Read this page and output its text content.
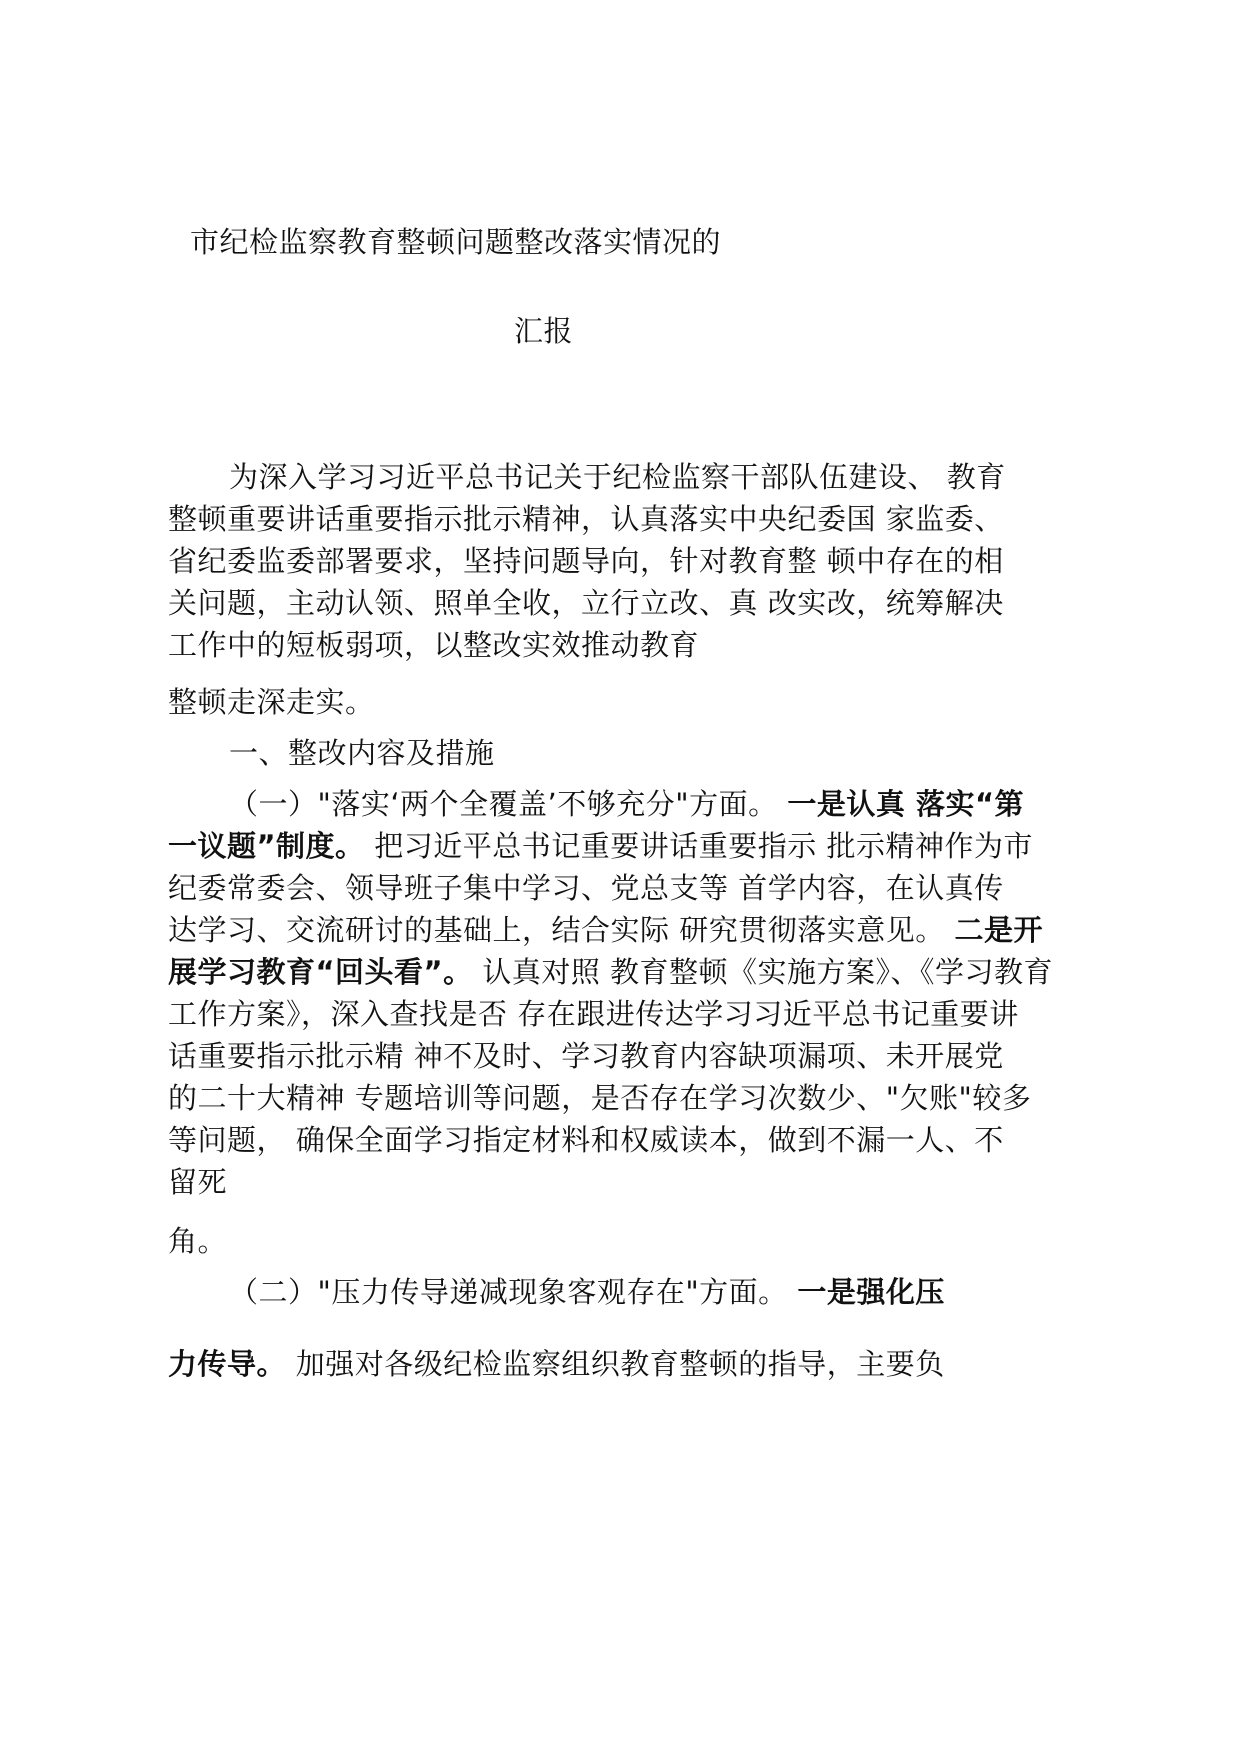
市纪检监察教育整顿问题整改落实情况的
汇报
为深入学习习近平总书记关于纪检监察干部队伍建设、 教育
整顿重要讲话重要指示批示精神，认真落实中央纪委国 家监委、
省纪委监委部署要求，坚持问题导向，针对教育整 顿中存在的相
关问题，主动认领、照单全收，立行立改、真 改实改，统筹解决
工作中的短板弱项，以整改实效推动教育
整顿走深走实。
一、整改内容及措施
（一）"落实‘两个全覆盖’不够充分"方面。 一是认真 落实“第
一议题”制度。 把习近平总书记重要讲话重要指示 批示精神作为市
纪委常委会、领导班子集中学习、党总支等 首学内容，在认真传
达学习、交流研讨的基础上，结合实际 研究贯彻落实意见。 二是开
展学习教育“回头看”。 认真对照 教育整顿《实施方案》、《学习教育
工作方案》，深入查找是否 存在跟进传达学习习近平总书记重要讲
话重要指示批示精 神不及时、学习教育内容缺项漏项、未开展党
的二十大精神 专题培训等问题，是否存在学习次数少、"欠账"较多
等问题， 确保全面学习指定材料和权威读本，做到不漏一人、不
留死
角。
（二）"压力传导递减现象客观存在"方面。 一是强化压
力传导。 加强对各级纪检监察组织教育整顿的指导，主要负
